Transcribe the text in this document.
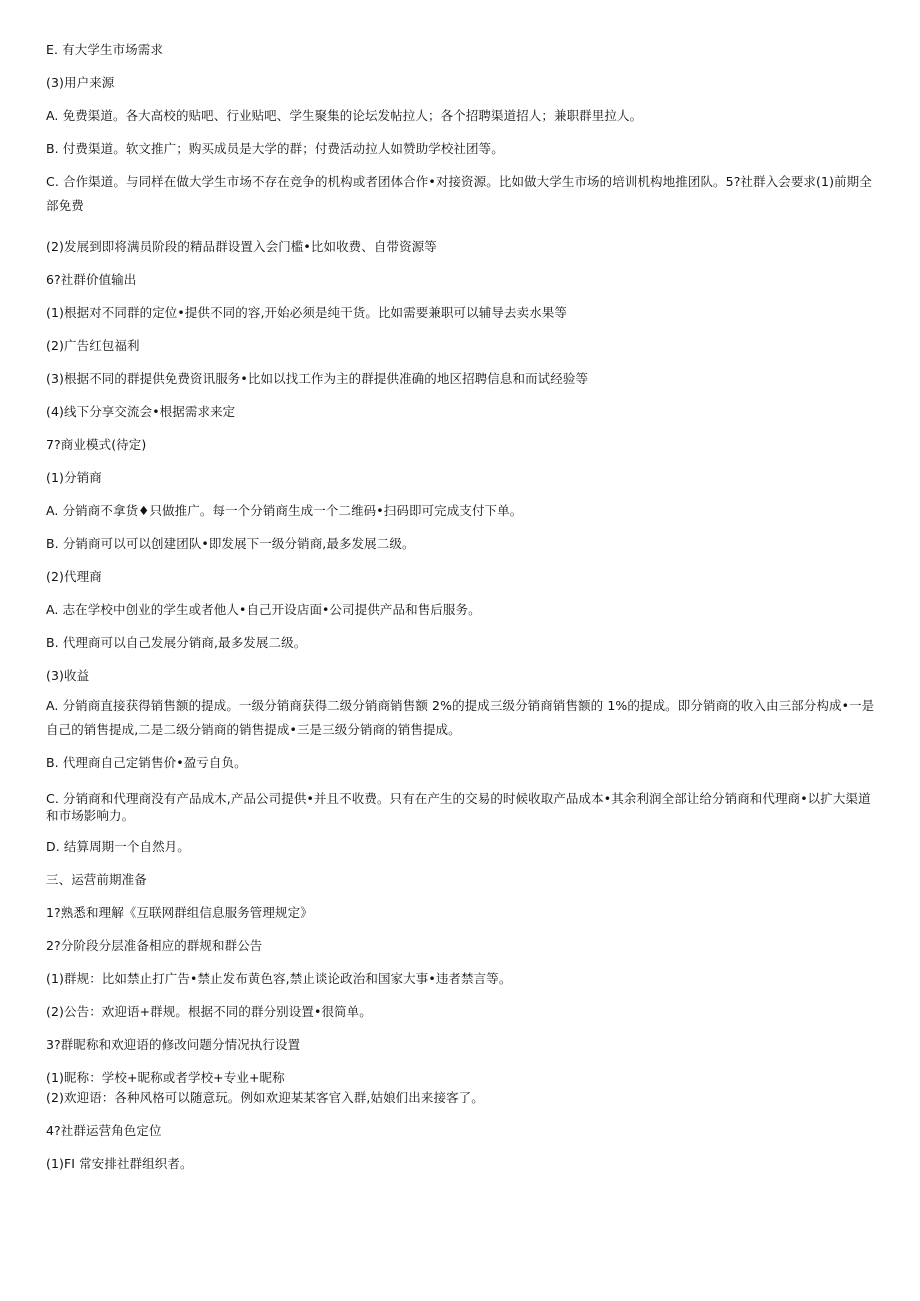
E. 有大学生市场需求
(3)用户来源
A. 免费渠道。各大高校的贴吧、行业贴吧、学生聚集的论坛发帖拉人；各个招聘渠道招人；兼职群里拉人。
B. 付费渠道。软文推广；购买成员是大学的群；付费活动拉人如赞助学校社团等。
C. 合作渠道。与同样在做大学生市场不存在竞争的机构或者团体合作•对接资源。比如做大学生市场的培训机构地推团队。5?社群入会要求(1)前期全部免费
(2)发展到即将满员阶段的精品群设置入会门槛•比如收费、自带资源等
6?社群价值输出
(1)根据对不同群的定位•提供不同的容,开始必须是纯干货。比如需要兼职可以辅导去卖水果等
(2)广告红包福利
(3)根据不同的群提供免费资讯服务•比如以找工作为主的群提供准确的地区招聘信息和而试经验等
(4)线下分享交流会•根据需求来定
7?商业模式(待定)
(1)分销商
A. 分销商不拿货♦只做推广。每一个分销商生成一个二维码•扫码即可完成支付下单。
B. 分销商可以可以创建团队•即发展下一级分销商,最多发展二级。
(2)代理商
A. 志在学校中创业的学生或者他人•自己开设店面•公司提供产品和售后服务。
B. 代理商可以自己发展分销商,最多发展二级。
(3)收益
A. 分销商直接获得销售额的提成。一级分销商获得二级分销商销售额 2%的提成三级分销商销售额的 1%的提成。即分销商的收入由三部分构成•一是自己的销售提成,二是二级分销商的销售提成•三是三级分销商的销售提成。
B. 代理商自己定销售价•盈亏自负。
C. 分销商和代理商没有产品成木,产品公司提供•并且不收费。只有在产生的交易的时候收取产品成本•其余利润全部让给分销商和代理商•以扩大渠道和市场影响力。
D. 结算周期一个自然月。
三、运营前期准备
1?熟悉和理解《互联网群组信息服务管理规定》
2?分阶段分层准备相应的群规和群公告
(1)群规：比如禁止打广告•禁止发布黄色容,禁止谈论政治和国家大事•违者禁言等。
(2)公告：欢迎语+群规。根据不同的群分别设置•很简单。
3?群昵称和欢迎语的修改问题分情况执行设置
(1)昵称：学校+昵称或者学校+专业+昵称
(2)欢迎语：各种风格可以随意玩。例如欢迎某某客官入群,姑娘们出来接客了。
4?社群运营角色定位
(1)FI 常安排社群组织者。
